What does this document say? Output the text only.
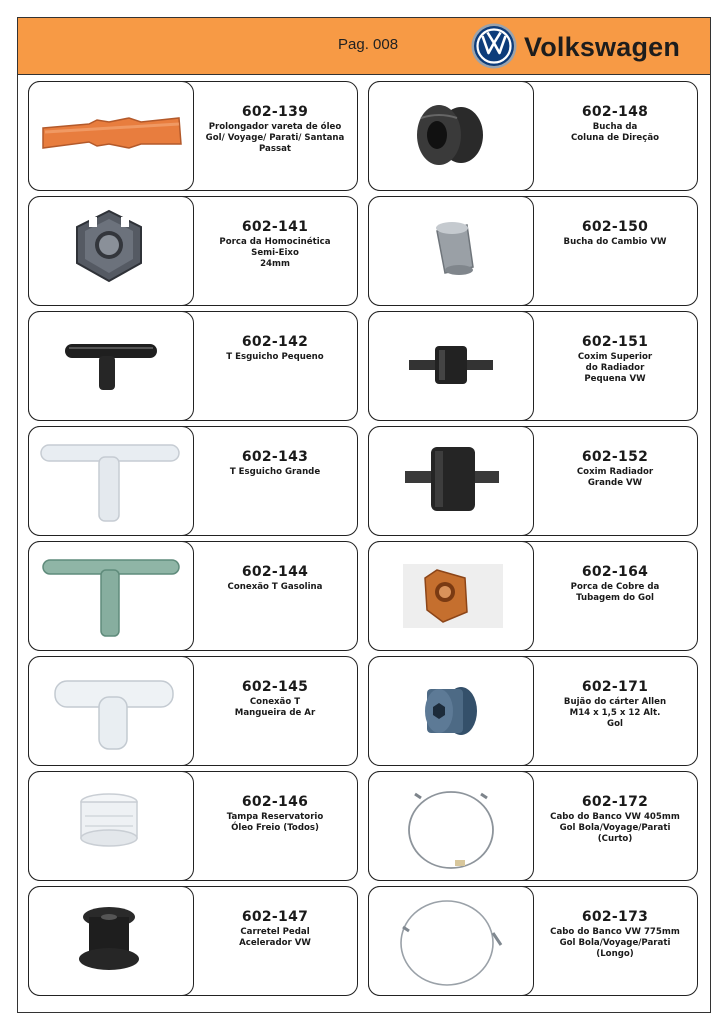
Pag. 008	Volkswagen
602-139
Prolongador vareta de óleo
Gol/ Voyage/ Parati/ Santana
Passat
602-148
Bucha da
Coluna de Direção
602-141
Porca da Homocinética
Semi-Eixo
24mm
602-150
Bucha do Cambio VW
602-142
T Esguicho Pequeno
602-151
Coxim Superior
do Radiador
Pequena VW
602-143
T Esguicho Grande
602-152
Coxim Radiador
Grande VW
602-144
Conexão T Gasolina
602-164
Porca de Cobre da
Tubagem do Gol
602-145
Conexão T
Mangueira de Ar
602-171
Bujão do cárter Allen
M14 x 1,5 x 12 Alt.
Gol
602-146
Tampa Reservatorio
Óleo Freio (Todos)
602-172
Cabo do Banco VW 405mm
Gol Bola/Voyage/Parati
(Curto)
602-147
Carretel Pedal
Acelerador VW
602-173
Cabo do Banco VW 775mm
Gol Bola/Voyage/Parati
(Longo)
